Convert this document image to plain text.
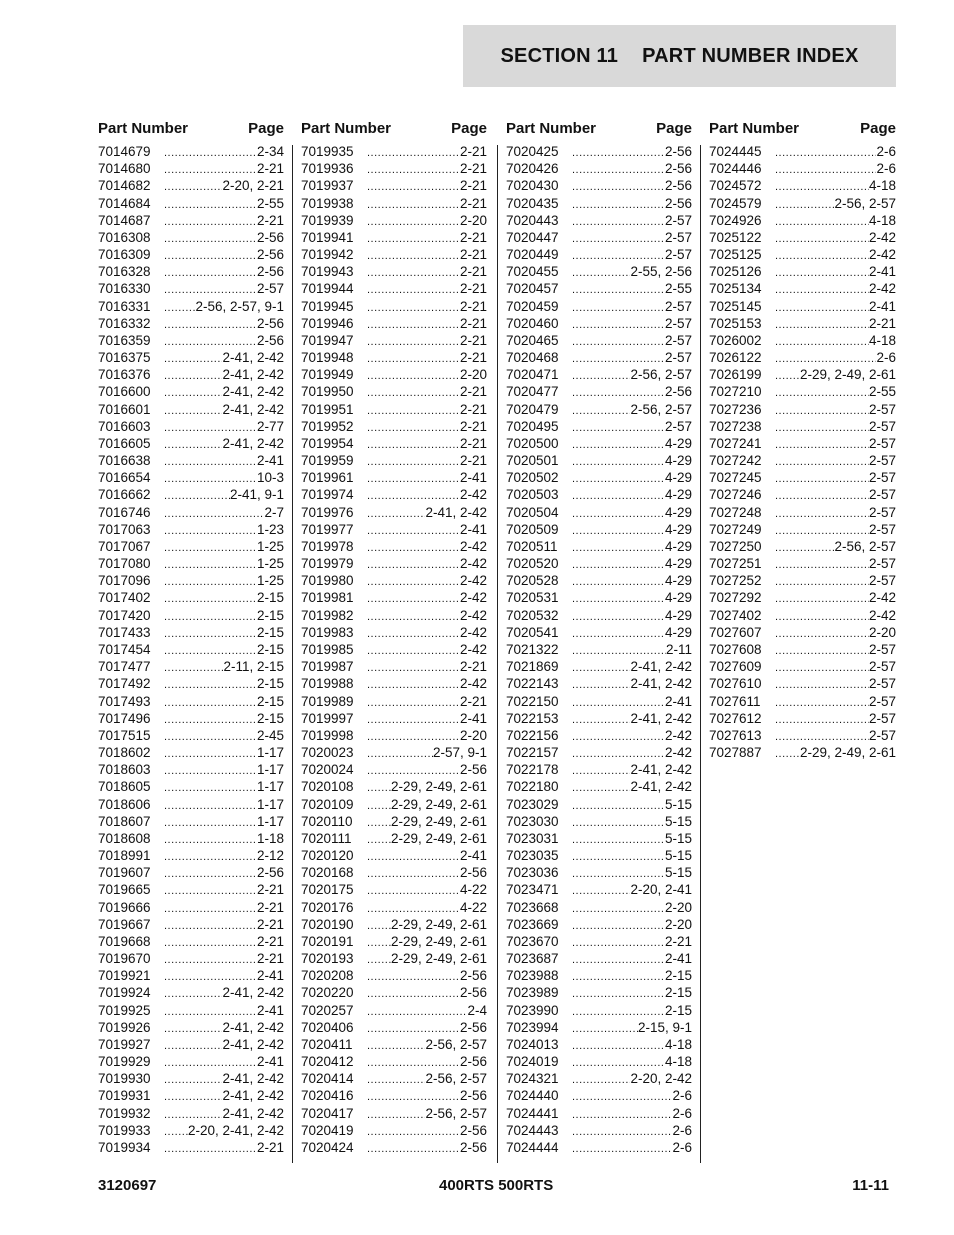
SECTION 11 PART NUMBER INDEX
Part Number	Page
7014679 .....	2-34
7014680 .....	2-21
7014682 .....	2-20, 2-21
7014684 .....	2-55
7014687 .....	2-21
7016308 .....	2-56
7016309 .....	2-56
7016328 .....	2-56
7016330 .....	2-57
7016331 .....	2-56, 2-57, 9-1
7016332 .....	2-56
7016359 .....	2-56
7016375 .....	2-41, 2-42
7016376 .....	2-41, 2-42
7016600 .....	2-41, 2-42
7016601 .....	2-41, 2-42
7016603 .....	2-77
7016605 .....	2-41, 2-42
7016638 .....	2-41
7016654 .....	10-3
7016662 .....	2-41, 9-1
7016746 .....	2-7
7017063 .....	1-23
7017067 .....	1-25
7017080 .....	1-25
7017096 .....	1-25
7017402 .....	2-15
7017420 .....	2-15
7017433 .....	2-15
7017454 .....	2-15
7017477 .....	2-11, 2-15
7017492 .....	2-15
7017493 .....	2-15
7017496 .....	2-15
7017515 .....	2-45
7018602 .....	1-17
7018603 .....	1-17
7018605 .....	1-17
7018606 .....	1-17
7018607 .....	1-17
7018608 .....	1-18
7018991 .....	2-12
7019607 .....	2-56
7019665 .....	2-21
7019666 .....	2-21
7019667 .....	2-21
7019668 .....	2-21
7019670 .....	2-21
7019921 .....	2-41
7019924 .....	2-41, 2-42
7019925 .....	2-41
7019926 .....	2-41, 2-42
7019927 .....	2-41, 2-42
7019929 .....	2-41
7019930 .....	2-41, 2-42
7019931 .....	2-41, 2-42
7019932 .....	2-41, 2-42
7019933 .....	2-20, 2-41, 2-42
7019934 .....	2-21
Part Number	Page
7019935 .....	2-21
7019936 .....	2-21
7019937 .....	2-21
7019938 .....	2-21
7019939 .....	2-20
7019941 .....	2-21
7019942 .....	2-21
7019943 .....	2-21
7019944 .....	2-21
7019945 .....	2-21
7019946 .....	2-21
7019947 .....	2-21
7019948 .....	2-21
7019949 .....	2-20
7019950 .....	2-21
7019951 .....	2-21
7019952 .....	2-21
7019954 .....	2-21
7019959 .....	2-21
7019961 .....	2-41
7019974 .....	2-42
7019976 .....	2-41, 2-42
7019977 .....	2-41
7019978 .....	2-42
7019979 .....	2-42
7019980 .....	2-42
7019981 .....	2-42
7019982 .....	2-42
7019983 .....	2-42
7019985 .....	2-42
7019987 .....	2-21
7019988 .....	2-42
7019989 .....	2-21
7019997 .....	2-41
7019998 .....	2-20
7020023 .....	2-57, 9-1
7020024 .....	2-56
7020108 .....	2-29, 2-49, 2-61
7020109 .....	2-29, 2-49, 2-61
7020110 .....	2-29, 2-49, 2-61
7020111 .....	2-29, 2-49, 2-61
7020120 .....	2-41
7020168 .....	2-56
7020175 .....	4-22
7020176 .....	4-22
7020190 .....	2-29, 2-49, 2-61
7020191 .....	2-29, 2-49, 2-61
7020193 .....	2-29, 2-49, 2-61
7020208 .....	2-56
7020220 .....	2-56
7020257 .....	2-4
7020406 .....	2-56
7020411 .....	2-56, 2-57
7020412 .....	2-56
7020414 .....	2-56, 2-57
7020416 .....	2-56
7020417 .....	2-56, 2-57
7020419 .....	2-56
7020424 .....	2-56
Part Number	Page
7020425 .....	2-56
7020426 .....	2-56
7020430 .....	2-56
7020435 .....	2-56
7020443 .....	2-57
7020447 .....	2-57
7020449 .....	2-57
7020455 .....	2-55, 2-56
7020457 .....	2-55
7020459 .....	2-57
7020460 .....	2-57
7020465 .....	2-57
7020468 .....	2-57
7020471 .....	2-56, 2-57
7020477 .....	2-56
7020479 .....	2-56, 2-57
7020495 .....	2-57
7020500 .....	4-29
7020501 .....	4-29
7020502 .....	4-29
7020503 .....	4-29
7020504 .....	4-29
7020509 .....	4-29
7020511 .....	4-29
7020520 .....	4-29
7020528 .....	4-29
7020531 .....	4-29
7020532 .....	4-29
7020541 .....	4-29
7021322 .....	2-11
7021869 .....	2-41, 2-42
7022143 .....	2-41, 2-42
7022150 .....	2-41
7022153 .....	2-41, 2-42
7022156 .....	2-42
7022157 .....	2-42
7022178 .....	2-41, 2-42
7022180 .....	2-41, 2-42
7023029 .....	5-15
7023030 .....	5-15
7023031 .....	5-15
7023035 .....	5-15
7023036 .....	5-15
7023471 .....	2-20, 2-41
7023668 .....	2-20
7023669 .....	2-20
7023670 .....	2-21
7023687 .....	2-41
7023988 .....	2-15
7023989 .....	2-15
7023990 .....	2-15
7023994 .....	2-15, 9-1
7024013 .....	4-18
7024019 .....	4-18
7024321 .....	2-20, 2-42
7024440 .....	2-6
7024441 .....	2-6
7024443 .....	2-6
7024444 .....	2-6
Part Number	Page
7024445 .....	2-6
7024446 .....	2-6
7024572 .....	4-18
7024579 .....	2-56, 2-57
7024926 .....	4-18
7025122 .....	2-42
7025125 .....	2-42
7025126 .....	2-41
7025134 .....	2-42
7025145 .....	2-41
7025153 .....	2-21
7026002 .....	4-18
7026122 .....	2-6
7026199 .....	2-29, 2-49, 2-61
7027210 .....	2-55
7027236 .....	2-57
7027238 .....	2-57
7027241 .....	2-57
7027242 .....	2-57
7027245 .....	2-57
7027246 .....	2-57
7027248 .....	2-57
7027249 .....	2-57
7027250 .....	2-56, 2-57
7027251 .....	2-57
7027252 .....	2-57
7027292 .....	2-42
7027402 .....	2-42
7027607 .....	2-20
7027608 .....	2-57
7027609 .....	2-57
7027610 .....	2-57
7027611 .....	2-57
7027612 .....	2-57
7027613 .....	2-57
7027887 .....	2-29, 2-49, 2-61
3120697	400RTS 500RTS	11-11
